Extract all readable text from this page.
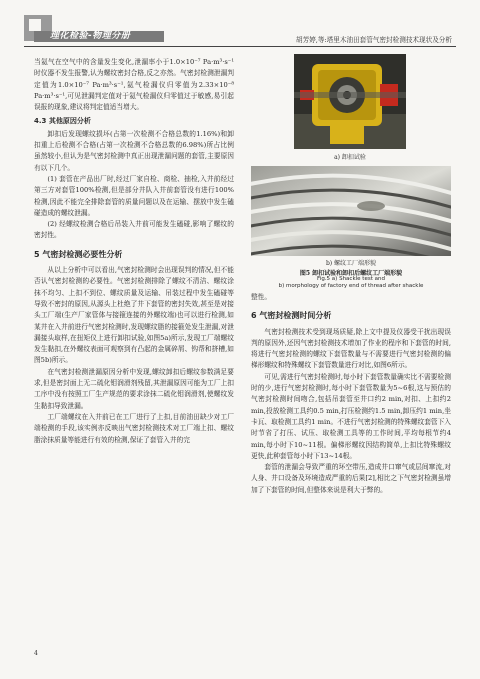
理化检验-物理分册	胡芳婷,等:塔里木油田套管气密封检测技术现状及分析

当氦气在空气中的含量发生变化,泄漏率小于1.0×10⁻⁷ Pa·m³·s⁻¹时仪器不发生报警,认为螺纹密封合格,反之亦然。气密封检测泄漏判定值为1.0×10⁻⁷ Pa·m³·s⁻¹,氦气检漏仪归零值为2.33×10⁻⁸ Pa·m³·s⁻¹,可见泄漏判定值对于氦气检漏仪归零值过于敏感,易引起误报的现象,建议将判定值适当增大。

4.3 其他原因分析

卸扣后发现螺纹损坏(占第一次检测不合格总数的1.16%)和卸扣重上后检测不合格(占第一次检测不合格总数的6.98%)所占比例虽然较小,但认为是气密封检测中真正出现泄漏问题的套管,主要原因有以下几个。

(1) 套管在产品出厂时,经过厂家自检、商检、抽检,入井前经过第三方对套管100%检测,但是部分井队入井前套管没有进行100%检测,因此不能完全排除套管的质量问题以及在运输、摆放中发生磕碰造成的螺纹泄漏。

(2) 经螺纹检测合格后吊装入井前可能发生磕碰,影响了螺纹的密封性。

5 气密封检测必要性分析

从以上分析中可以看出,气密封检测时会出现误判的情况,但不能否认气密封检测的必要性。气密封检测排除了螺纹不清洁、螺纹涂抹不均匀、上扣不到位、螺纹质量及运输、吊装过程中发生磕碰等导致不密封的原因,从源头上杜绝了井下套管的密封失效,甚至是对接头工厂端(生产厂家管体与接箍连接的外螺纹端)也可以进行检测,如某井在入井前进行气密封检测时,发现螺纹脂的接箍处发生泄漏,对泄漏接头取样,在扭矩仪上进行卸扣试验,如图5a)所示,发现工厂端螺纹发生黏扣,在外螺纹表面可观察到有凸起的金属碎屑、钩帮和挤槽,如图5b)所示。

在气密封检测泄漏原因分析中发现,螺纹卸扣后螺纹参数满足要求,但是密封面上无二硫化钼润滑剂残留,其泄漏原因可能为工厂上扣工序中没有按照工厂生产规范的要求涂抹二硫化钼润滑剂,使螺纹发生黏扣导致泄漏。

工厂端螺纹在入井前已在工厂进行了上扣,目前油田缺少对工厂端检测的手段,该实例亦反映出气密封检测技术对工厂端上扣、螺纹脂涂抹质量等能进行有效的检测,保证了套管入井的完

a) 卸扣试验
b) 螺纹工厂端形貌
图5 卸扣试验和卸扣后螺纹工厂端形貌
Fig.5 a) Shackle test and
b) morphology of factory end of thread after shackle

整性。

6 气密封检测时间分析

气密封检测技术受到现场质疑,除上文中提及仪器受干扰出现误判的原因外,还因气密封检测技术增加了作业的程序和下套管的时间,将进行气密封检测的螺纹下套管数量与不需要进行气密封检测的偏梯形螺纹和特殊螺纹下套管数量进行对比,如图6所示。

可见,需进行气密封检测时,每小时下套管数量确实比不需要检测时的少,进行气密封检测时,每小时下套管数量为5~6根,这与预估的气密封检测时间吻合,包括吊套管至井口约2 min,对扣、上扣约2 min,投放检测工具约0.5 min,打压检测约1.5 min,卸压约1 min,坐卡瓦、取检测工具约1 min。不进行气密封检测的特殊螺纹套管下入时节省了打压、试压、取检测工具等的工作时间,平均每根节约4 min,每小时下10~11根。偏梯形螺纹因结构简单,上扣比特殊螺纹更快,此种套管每小时下13~14根。

套管的泄漏会导致严重的环空带压,造成井口窜气或层间窜流,对人身、井口设备及环境造成严重的后果[2],相比之下气密封检测虽增加了下套管的时间,但整体来说是利大于弊的。

4
